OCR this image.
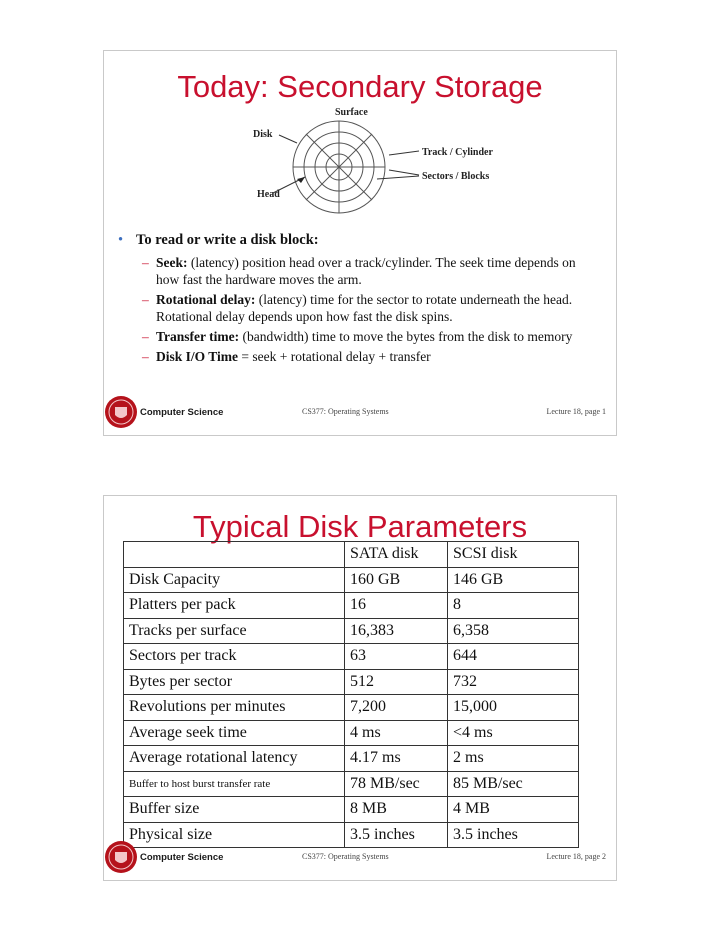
Today: Secondary Storage
Surface
Disk
Track / Cylinder
Sectors / Blocks
Head
• To read or write a disk block:
– Seek: (latency) position head over a track/cylinder. The seek time depends on how fast the hardware moves the arm.
– Rotational delay: (latency) time for the sector to rotate underneath the head. Rotational delay depends upon how fast the disk spins.
– Transfer time: (bandwidth) time to move the bytes from the disk to memory
– Disk I/O Time = seek + rotational delay + transfer
Computer Science	CS377: Operating Systems	Lecture 18, page 1
Typical Disk Parameters
	SATA disk	SCSI disk
Disk Capacity	160 GB	146 GB
Platters per pack	16	8
Tracks per surface	16,383	6,358
Sectors per track	63	644
Bytes per sector	512	732
Revolutions per minutes	7,200	15,000
Average seek time	4 ms	<4 ms
Average rotational latency	4.17 ms	2 ms
Buffer to host burst transfer rate	78 MB/sec	85 MB/sec
Buffer size	8 MB	4 MB
Physical size	3.5 inches	3.5 inches
Computer Science	CS377: Operating Systems	Lecture 18, page 2
